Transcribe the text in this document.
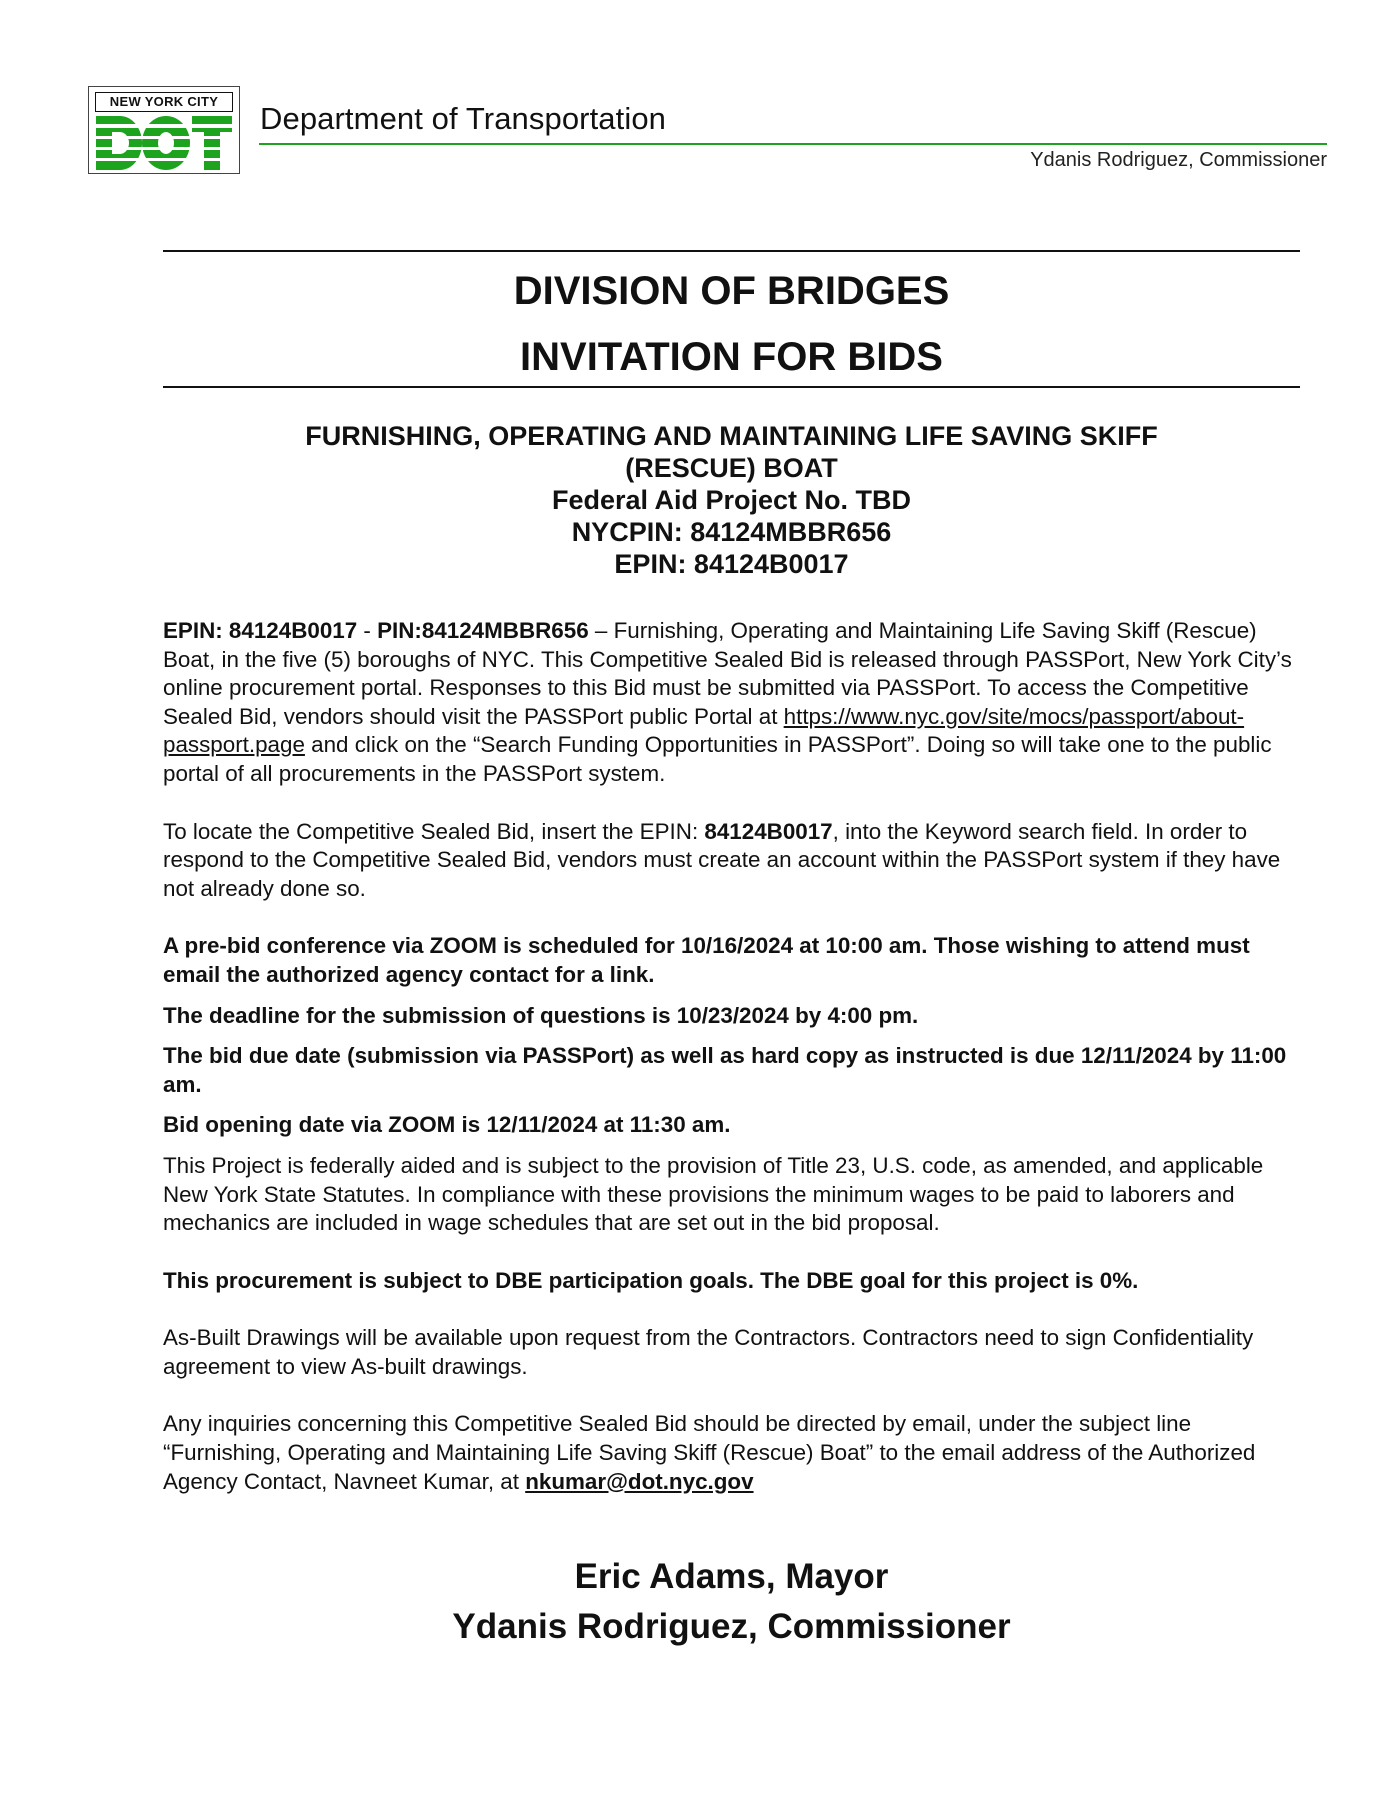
NEW YORK CITY	Department of Transportation
Ydanis Rodriguez, Commissioner
DIVISION OF BRIDGES
INVITATION FOR BIDS
FURNISHING, OPERATING AND MAINTAINING LIFE SAVING SKIFF
(RESCUE) BOAT
Federal Aid Project No. TBD
NYCPIN: 84124MBBR656
EPIN: 84124B0017

EPIN: 84124B0017 - PIN:84124MBBR656 – Furnishing, Operating and Maintaining Life Saving Skiff (Rescue) Boat, in the five (5) boroughs of NYC. This Competitive Sealed Bid is released through PASSPort, New York City’s online procurement portal. Responses to this Bid must be submitted via PASSPort. To access the Competitive Sealed Bid, vendors should visit the PASSPort public Portal at https://www.nyc.gov/site/mocs/passport/about-passport.page and click on the “Search Funding Opportunities in PASSPort”. Doing so will take one to the public portal of all procurements in the PASSPort system.

To locate the Competitive Sealed Bid, insert the EPIN: 84124B0017, into the Keyword search field. In order to respond to the Competitive Sealed Bid, vendors must create an account within the PASSPort system if they have not already done so.

A pre-bid conference via ZOOM is scheduled for 10/16/2024 at 10:00 am. Those wishing to attend must email the authorized agency contact for a link.

The deadline for the submission of questions is 10/23/2024 by 4:00 pm.

The bid due date (submission via PASSPort) as well as hard copy as instructed is due 12/11/2024 by 11:00 am.

Bid opening date via ZOOM is 12/11/2024 at 11:30 am.

This Project is federally aided and is subject to the provision of Title 23, U.S. code, as amended, and applicable New York State Statutes. In compliance with these provisions the minimum wages to be paid to laborers and mechanics are included in wage schedules that are set out in the bid proposal.

This procurement is subject to DBE participation goals. The DBE goal for this project is 0%.

As-Built Drawings will be available upon request from the Contractors. Contractors need to sign Confidentiality agreement to view As-built drawings.

Any inquiries concerning this Competitive Sealed Bid should be directed by email, under the subject line “Furnishing, Operating and Maintaining Life Saving Skiff (Rescue) Boat” to the email address of the Authorized Agency Contact, Navneet Kumar, at nkumar@dot.nyc.gov

Eric Adams, Mayor
Ydanis Rodriguez, Commissioner
